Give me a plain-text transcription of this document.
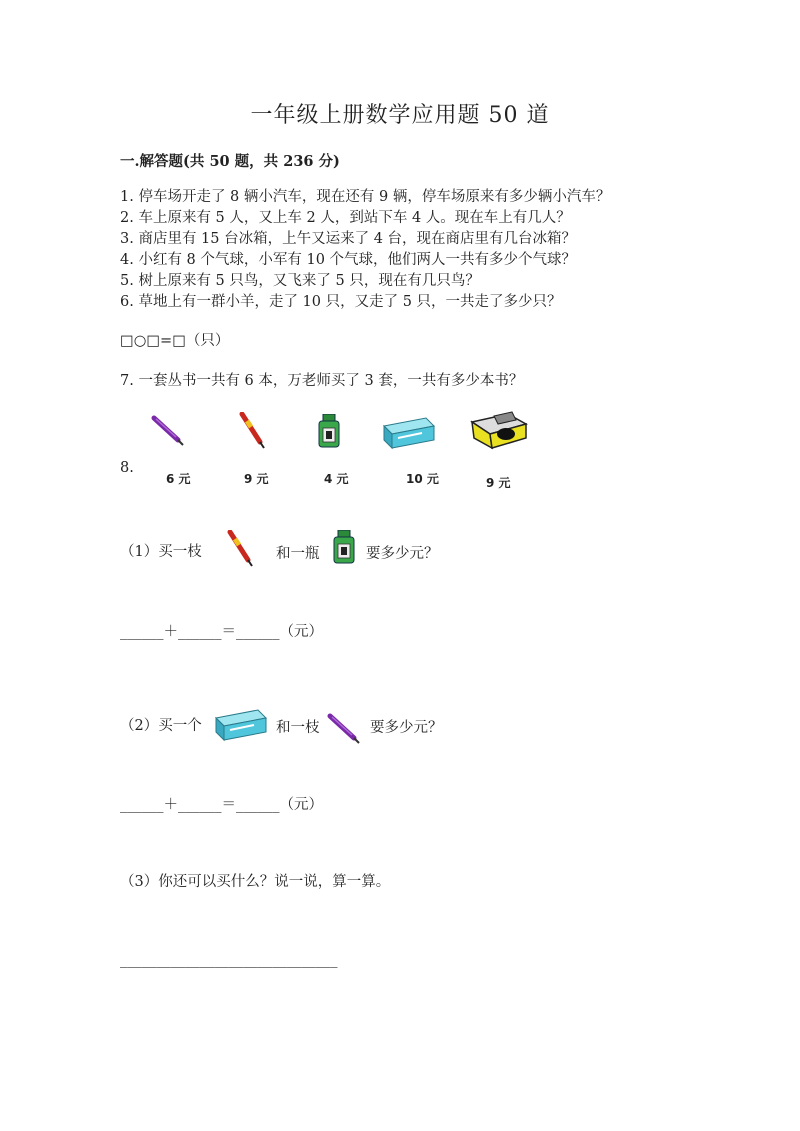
一年级上册数学应用题 50 道
一.解答题(共 50 题，共 236 分)
1. 停车场开走了 8 辆小汽车，现在还有 9 辆，停车场原来有多少辆小汽车？
2. 车上原来有 5 人，又上车 2 人，到站下车 4 人。现在车上有几人？
3. 商店里有 15 台冰箱，上午又运来了 4 台，现在商店里有几台冰箱？
4. 小红有 8 个气球，小军有 10 个气球，他们两人一共有多少个气球？
5. 树上原来有 5 只鸟，又飞来了 5 只，现在有几只鸟？
6. 草地上有一群小羊，走了 10 只，又走了 5 只，一共走了多少只？
□○□=□（只）
7. 一套丛书一共有 6 本，万老师买了 3 套，一共有多少本书？
8.
6 元	9 元	4 元	10 元	9 元
（1）买一枝	和一瓶	要多少元？
______＋______＝______（元）
（2）买一个	和一枝	要多少元？
______＋______＝______（元）
（3）你还可以买什么？说一说，算一算。
______________________________
